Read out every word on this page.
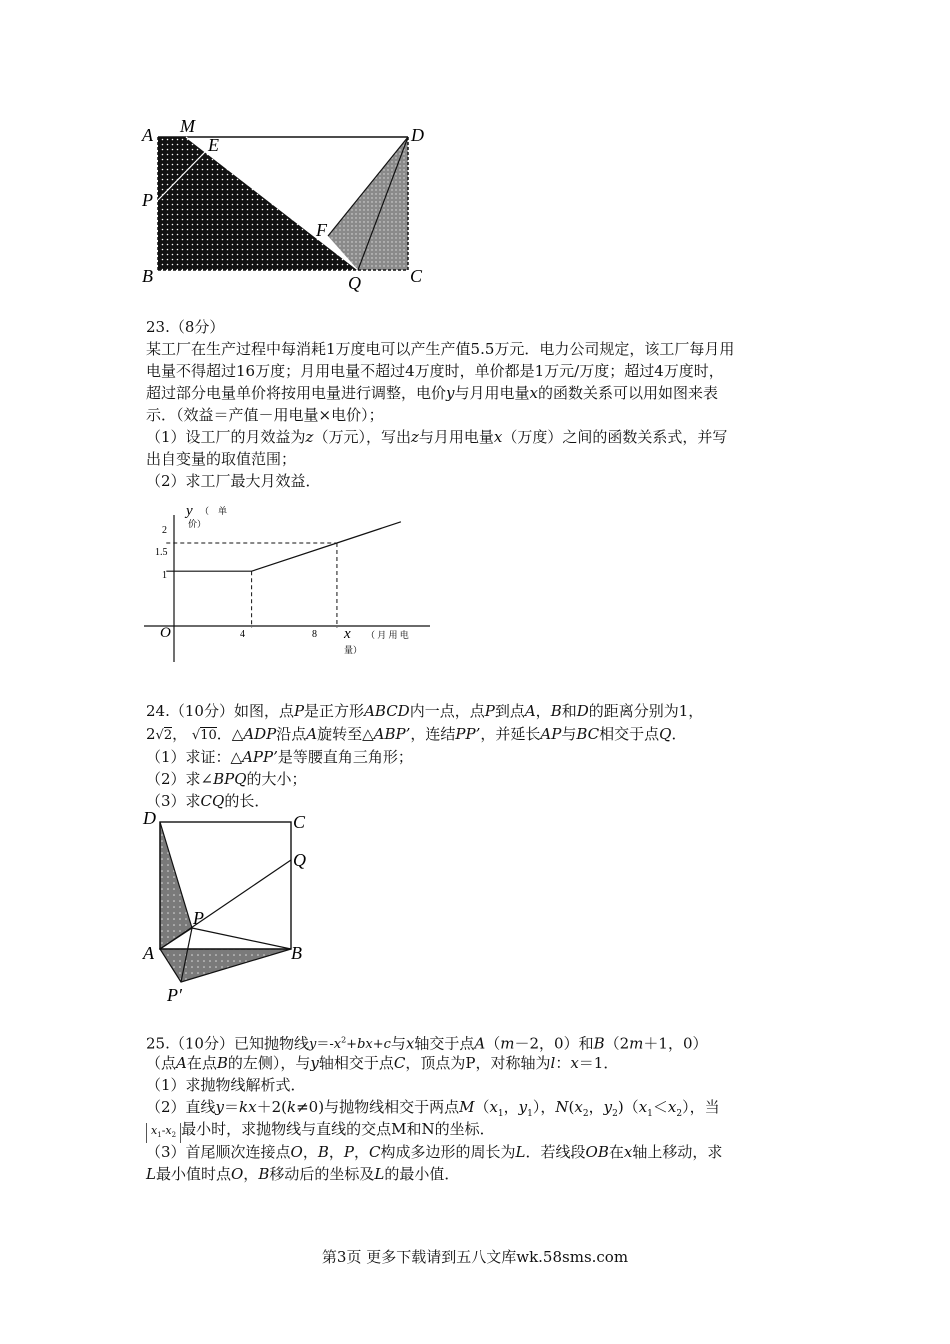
A M	D
E
P
F
B	Q	C
23.（8分）
某工厂在生产过程中每消耗1万度电可以产生产值5.5万元．电力公司规定，该工厂每月用
电量不得超过16万度；月用电量不超过4万度时，单价都是1万元/万度；超过4万度时，
超过部分电量单价将按用电量进行调整，电价y与月用电量x的函数关系可以用如图来表
示．（效益＝产值－用电量×电价）；
（1）设工厂的月效益为z（万元），写出z与月用电量x（万度）之间的函数关系式，并写
出自变量的取值范围；
（2）求工厂最大月效益．
y （　单
价）
O	x （ 月 用 电
量）
2
1.5
1
4	8
24.（10分）如图，点P是正方形ABCD内一点，点P到点A，B和D的距离分别为1，
2√2， √10．△ADP沿点A旋转至△ABP’，连结PP’，并延长AP与BC相交于点Q．
（1）求证：△APP’是等腰直角三角形；
（2）求∠BPQ的大小；
（3）求CQ的长．
D	C
Q
P
A	B
P′
25.（10分）已知抛物线$y=-x^2+bx+c$与x轴交于点A（m－2，0）和B（2m＋1，0）
（点A在点B的左侧），与y轴相交于点C，顶点为P，对称轴为l：x＝1．
（1）求抛物线解析式．
（2）直线y＝kx＋2(k≠0)与抛物线相交于两点$M(x_1$，$y_1$），$N(x_2$，$y_2)(x_1<x_2)$，当
$x_1-x_2$ 最小时，求抛物线与直线的交点M和N的坐标．
（3）首尾顺次连接点O，B，P，C构成多边形的周长为L．若线段OB在x轴上移动，求
L最小值时点O，B移动后的坐标及L的最小值．
第3页 更多下载请到五八文库wk.58sms.com
